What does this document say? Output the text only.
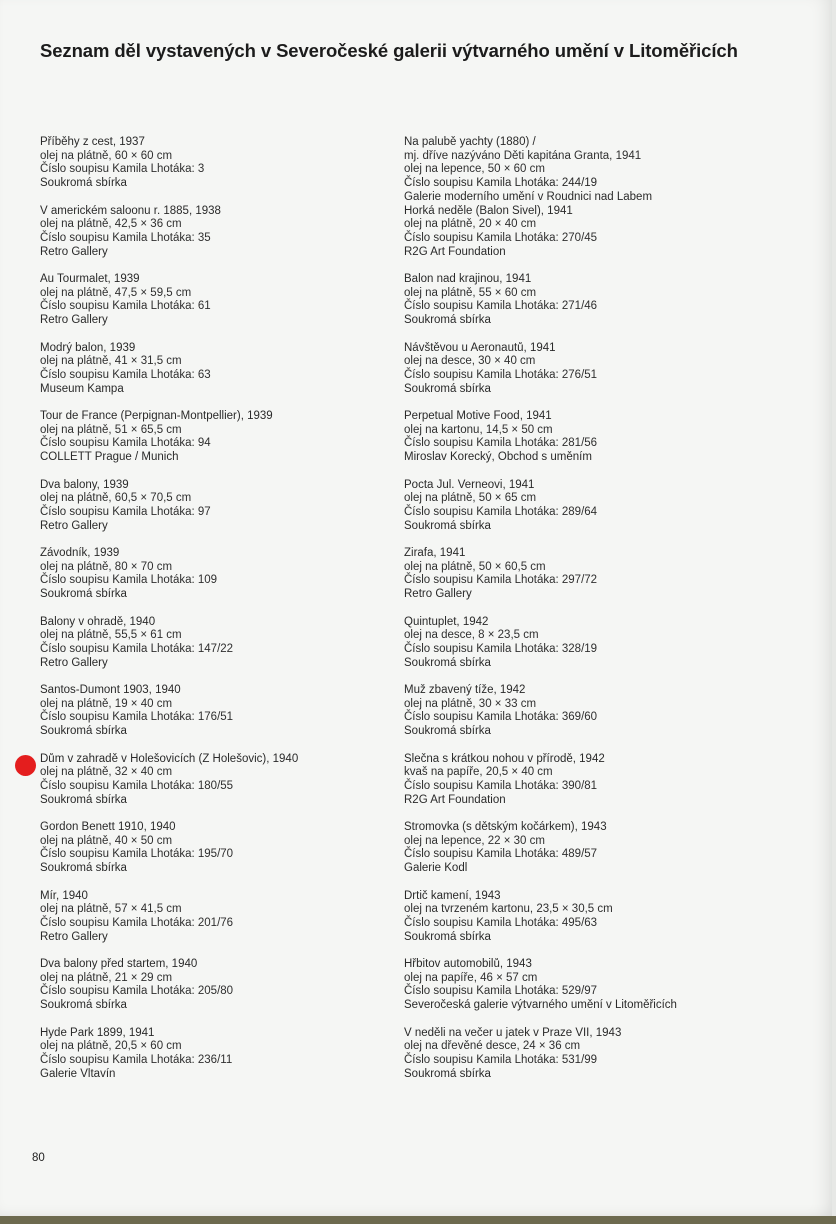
Seznam děl vystavených v Severočeské galerii výtvarného umění v Litoměřicích
Příběhy z cest, 1937
olej na plátně, 60 × 60 cm
Číslo soupisu Kamila Lhotáka: 3
Soukromá sbírka
V americkém saloonu r. 1885, 1938
olej na plátně, 42,5 × 36 cm
Číslo soupisu Kamila Lhotáka: 35
Retro Gallery
Au Tourmalet, 1939
olej na plátně, 47,5 × 59,5 cm
Číslo soupisu Kamila Lhotáka: 61
Retro Gallery
Modrý balon, 1939
olej na plátně, 41 × 31,5 cm
Číslo soupisu Kamila Lhotáka: 63
Museum Kampa
Tour de France (Perpignan-Montpellier), 1939
olej na plátně, 51 × 65,5 cm
Číslo soupisu Kamila Lhotáka: 94
COLLETT Prague / Munich
Dva balony, 1939
olej na plátně, 60,5 × 70,5 cm
Číslo soupisu Kamila Lhotáka: 97
Retro Gallery
Závodník, 1939
olej na plátně, 80 × 70 cm
Číslo soupisu Kamila Lhotáka: 109
Soukromá sbírka
Balony v ohradě, 1940
olej na plátně, 55,5 × 61 cm
Číslo soupisu Kamila Lhotáka: 147/22
Retro Gallery
Santos-Dumont 1903, 1940
olej na plátně, 19 × 40 cm
Číslo soupisu Kamila Lhotáka: 176/51
Soukromá sbírka
Dům v zahradě v Holešovicích (Z Holešovic), 1940
olej na plátně, 32 × 40 cm
Číslo soupisu Kamila Lhotáka: 180/55
Soukromá sbírka
Gordon Benett 1910, 1940
olej na plátně, 40 × 50 cm
Číslo soupisu Kamila Lhotáka: 195/70
Soukromá sbírka
Mír, 1940
olej na plátně, 57 × 41,5 cm
Číslo soupisu Kamila Lhotáka: 201/76
Retro Gallery
Dva balony před startem, 1940
olej na plátně, 21 × 29 cm
Číslo soupisu Kamila Lhotáka: 205/80
Soukromá sbírka
Hyde Park 1899, 1941
olej na plátně, 20,5 × 60 cm
Číslo soupisu Kamila Lhotáka: 236/11
Galerie Vltavín
Na palubě yachty (1880) /
mj. dříve nazýváno Děti kapitána Granta, 1941
olej na lepence, 50 × 60 cm
Číslo soupisu Kamila Lhotáka: 244/19
Galerie moderního umění v Roudnici nad Labem
Horká neděle (Balon Sivel), 1941
olej na plátně, 20 × 40 cm
Číslo soupisu Kamila Lhotáka: 270/45
R2G Art Foundation
Balon nad krajinou, 1941
olej na plátně, 55 × 60 cm
Číslo soupisu Kamila Lhotáka: 271/46
Soukromá sbírka
Návštěvou u Aeronautů, 1941
olej na desce, 30 × 40 cm
Číslo soupisu Kamila Lhotáka: 276/51
Soukromá sbírka
Perpetual Motive Food, 1941
olej na kartonu, 14,5 × 50 cm
Číslo soupisu Kamila Lhotáka: 281/56
Miroslav Korecký, Obchod s uměním
Pocta Jul. Verneovi, 1941
olej na plátně, 50 × 65 cm
Číslo soupisu Kamila Lhotáka: 289/64
Soukromá sbírka
Žirafa, 1941
olej na plátně, 50 × 60,5 cm
Číslo soupisu Kamila Lhotáka: 297/72
Retro Gallery
Quintuplet, 1942
olej na desce, 8 × 23,5 cm
Číslo soupisu Kamila Lhotáka: 328/19
Soukromá sbírka
Muž zbavený tíže, 1942
olej na plátně, 30 × 33 cm
Číslo soupisu Kamila Lhotáka: 369/60
Soukromá sbírka
Slečna s krátkou nohou v přírodě, 1942
kvaš na papíře, 20,5 × 40 cm
Číslo soupisu Kamila Lhotáka: 390/81
R2G Art Foundation
Stromovka (s dětským kočárkem), 1943
olej na lepence, 22 × 30 cm
Číslo soupisu Kamila Lhotáka: 489/57
Galerie Kodl
Drtič kamení, 1943
olej na tvrzeném kartonu, 23,5 × 30,5 cm
Číslo soupisu Kamila Lhotáka: 495/63
Soukromá sbírka
Hřbitov automobilů, 1943
olej na papíře, 46 × 57 cm
Číslo soupisu Kamila Lhotáka: 529/97
Severočeská galerie výtvarného umění v Litoměřicích
V neděli na večer u jatek v Praze VII, 1943
olej na dřevěné desce, 24 × 36 cm
Číslo soupisu Kamila Lhotáka: 531/99
Soukromá sbírka
80
